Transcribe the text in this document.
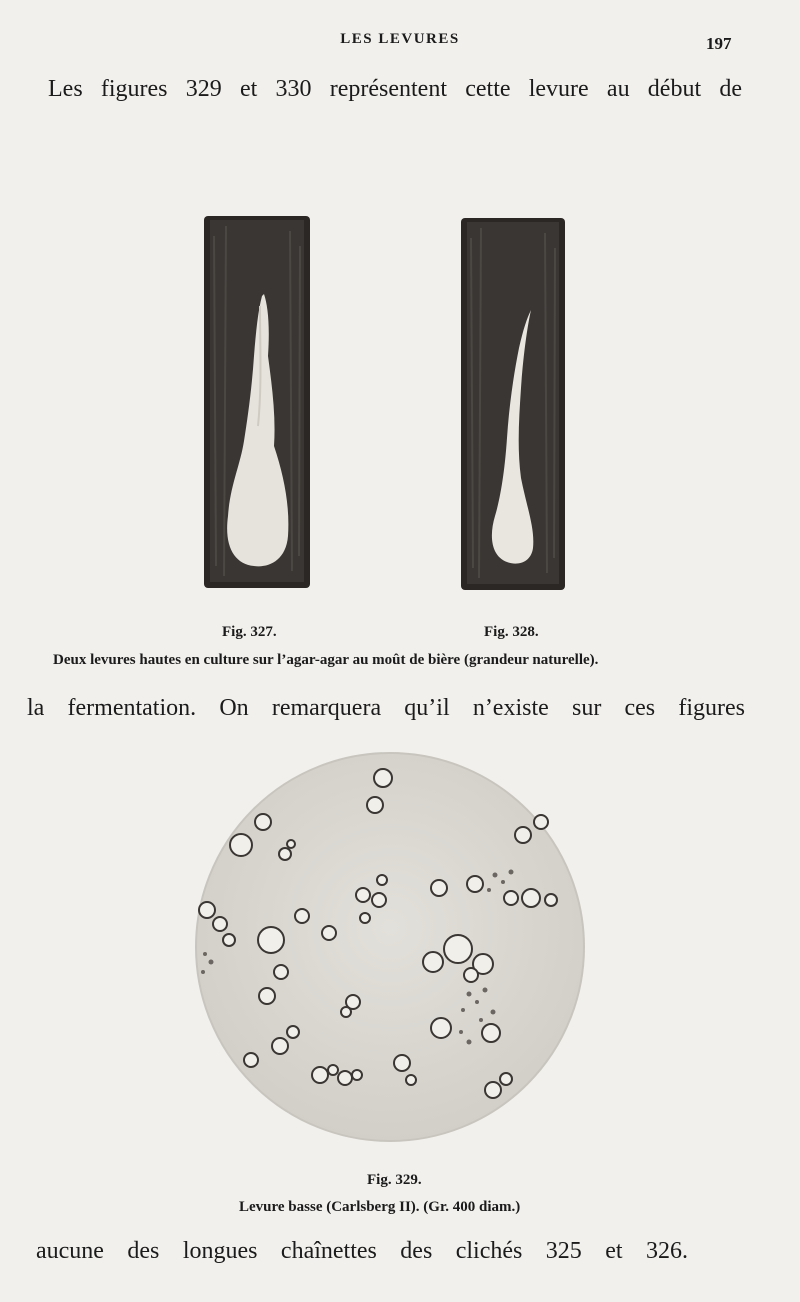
LES LEVURES	197
Les figures 329 et 330 représentent cette levure au début de
Fig. 327.	Fig. 328.
Deux levures hautes en culture sur l’agar-agar au moût de bière (grandeur naturelle).
la fermentation. On remarquera qu’il n’existe sur ces figures
Fig. 329.
Levure basse (Carlsberg II). (Gr. 400 diam.)
aucune des longues chaînettes des clichés 325 et 326.
